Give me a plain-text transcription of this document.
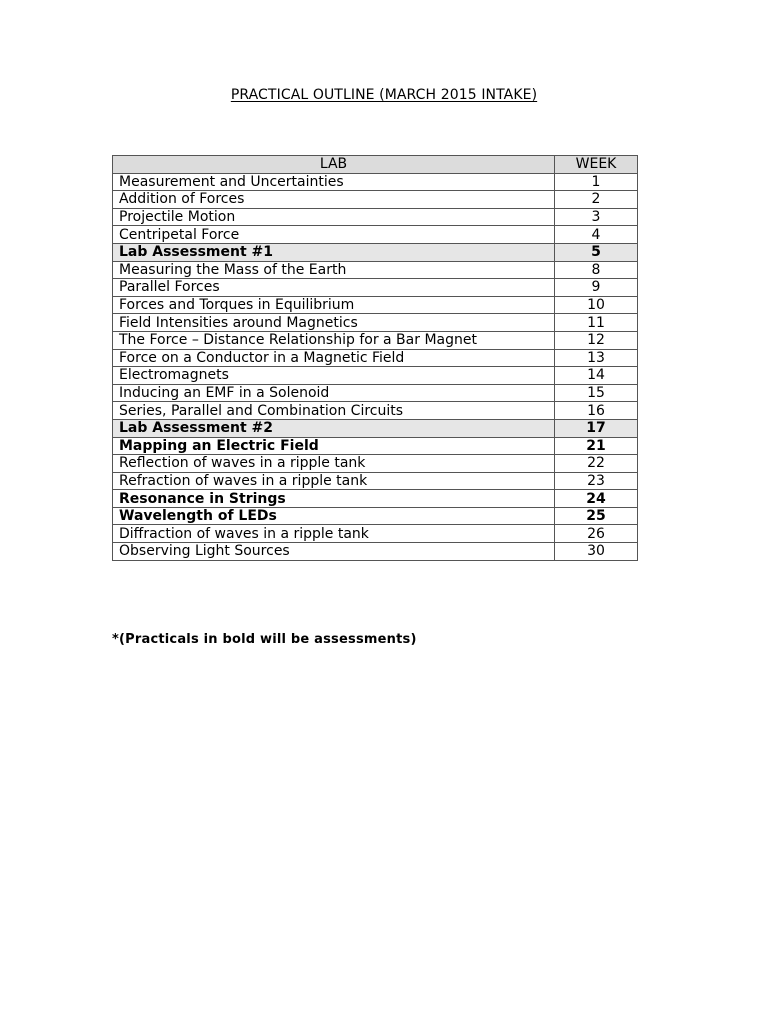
PRACTICAL OUTLINE (MARCH 2015 INTAKE)
LAB	WEEK
Measurement and Uncertainties	1
Addition of Forces	2
Projectile Motion	3
Centripetal Force	4
Lab Assessment #1	5
Measuring the Mass of the Earth	8
Parallel Forces	9
Forces and Torques in Equilibrium	10
Field Intensities around Magnetics	11
The Force – Distance Relationship for a Bar Magnet	12
Force on a Conductor in a Magnetic Field	13
Electromagnets	14
Inducing an EMF in a Solenoid	15
Series, Parallel and Combination Circuits	16
Lab Assessment #2	17
Mapping an Electric Field	21
Reflection of waves in a ripple tank	22
Refraction of waves in a ripple tank	23
Resonance in Strings	24
Wavelength of LEDs	25
Diffraction of waves in a ripple tank	26
Observing Light Sources	30
*(Practicals in bold will be assessments)
